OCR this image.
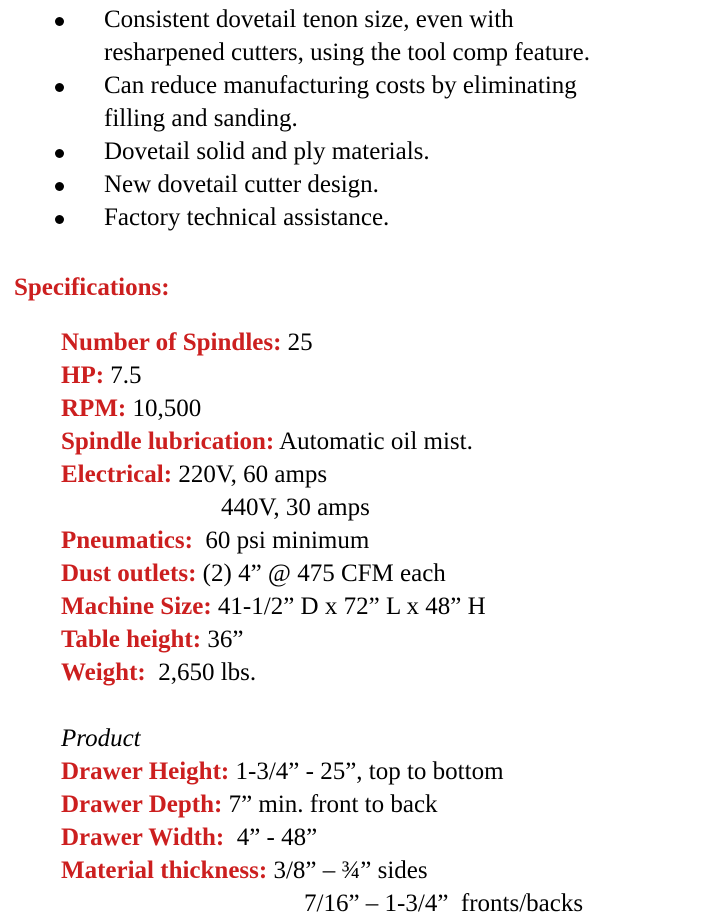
Consistent dovetail tenon size, even with
resharpened cutters, using the tool comp feature.
Can reduce manufacturing costs by eliminating
filling and sanding.
Dovetail solid and ply materials.
New dovetail cutter design.
Factory technical assistance.
Specifications:
Number of Spindles: 25
HP: 7.5
RPM: 10,500
Spindle lubrication: Automatic oil mist.
Electrical: 220V, 60 amps
440V, 30 amps
Pneumatics:  60 psi minimum
Dust outlets: (2) 4” @ 475 CFM each
Machine Size: 41-1/2” D x 72” L x 48” H
Table height: 36”
Weight:  2,650 lbs.
Product
Drawer Height: 1-3/4” - 25”, top to bottom
Drawer Depth: 7” min. front to back
Drawer Width:  4” - 48”
Material thickness: 3/8” – ¾” sides
7/16” – 1-3/4”  fronts/backs
